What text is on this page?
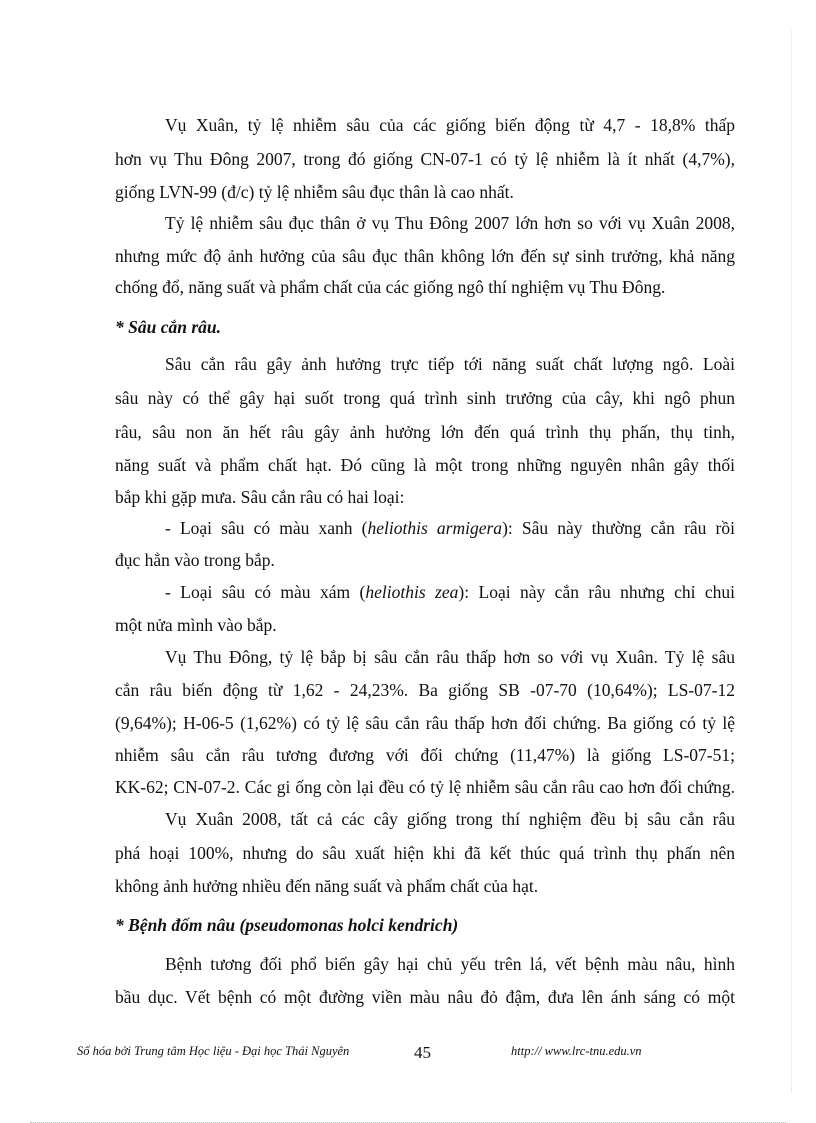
Vụ Xuân, tỷ lệ nhiễm sâu của các giống biến động từ 4,7 - 18,8% thấp
hơn vụ Thu Đông 2007, trong đó giống CN-07-1 có tỷ lệ nhiễm là ít nhất (4,7%),
giống LVN-99 (đ/c) tỷ lệ nhiễm sâu đục thân là cao nhất.
Tỷ lệ nhiễm sâu đục thân ở vụ Thu Đông 2007 lớn hơn so với vụ Xuân 2008,
nhưng mức độ ảnh hưởng của sâu đục thân không lớn đến sự sinh trưởng, khả năng
chống đổ, năng suất và phẩm chất của các giống ngô thí nghiệm vụ Thu Đông.
* Sâu cắn râu.
Sâu cắn râu gây ảnh hưởng trực tiếp tới năng suất chất lượng ngô. Loài
sâu này có thể gây hại suốt trong quá trình sinh trưởng của cây, khi ngô phun
râu, sâu non ăn hết râu gây ảnh hưởng lớn đến quá trình thụ phấn, thụ tinh,
năng suất và phẩm chất hạt. Đó cũng là một trong những nguyên nhân gây thối
bắp khi gặp mưa. Sâu cắn râu có hai loại:
- Loại sâu có màu xanh (heliothis armigera): Sâu này thường cắn râu rồi
đục hẳn vào trong bắp.
- Loại sâu có màu xám (heliothis zea): Loại này cắn râu nhưng chỉ chui
một nửa mình vào bắp.
Vụ Thu Đông, tỷ lệ bắp bị sâu cắn râu thấp hơn so với vụ Xuân. Tỷ lệ sâu
cắn râu biến động từ 1,62 - 24,23%. Ba giống SB -07-70 (10,64%); LS-07-12
(9,64%); H-06-5 (1,62%) có tỷ lệ sâu cắn râu thấp hơn đối chứng. Ba giống có tỷ lệ
nhiễm sâu cắn râu tương đương với đối chứng (11,47%) là giống LS-07-51;
KK-62; CN-07-2. Các gi ống còn lại đều có tỷ lệ nhiễm sâu cắn râu cao hơn đối chứng.
Vụ Xuân 2008, tất cả các cây giống trong thí nghiệm đều bị sâu cắn râu
phá hoại 100%, nhưng do sâu xuất hiện khi đã kết thúc quá trình thụ phấn nên
không ảnh hưởng nhiều đến năng suất và phẩm chất của hạt.
* Bệnh đốm nâu (pseudomonas holci kendrich)
Bệnh tương đối phổ biến gây hại chủ yếu trên lá, vết bệnh màu nâu, hình
bầu dục. Vết bệnh có một đường viền màu nâu đỏ đậm, đưa lên ánh sáng có một
Số hóa bởi Trung tâm Học liệu - Đại học Thái Nguyên	45	http:// www.lrc-tnu.edu.vn
